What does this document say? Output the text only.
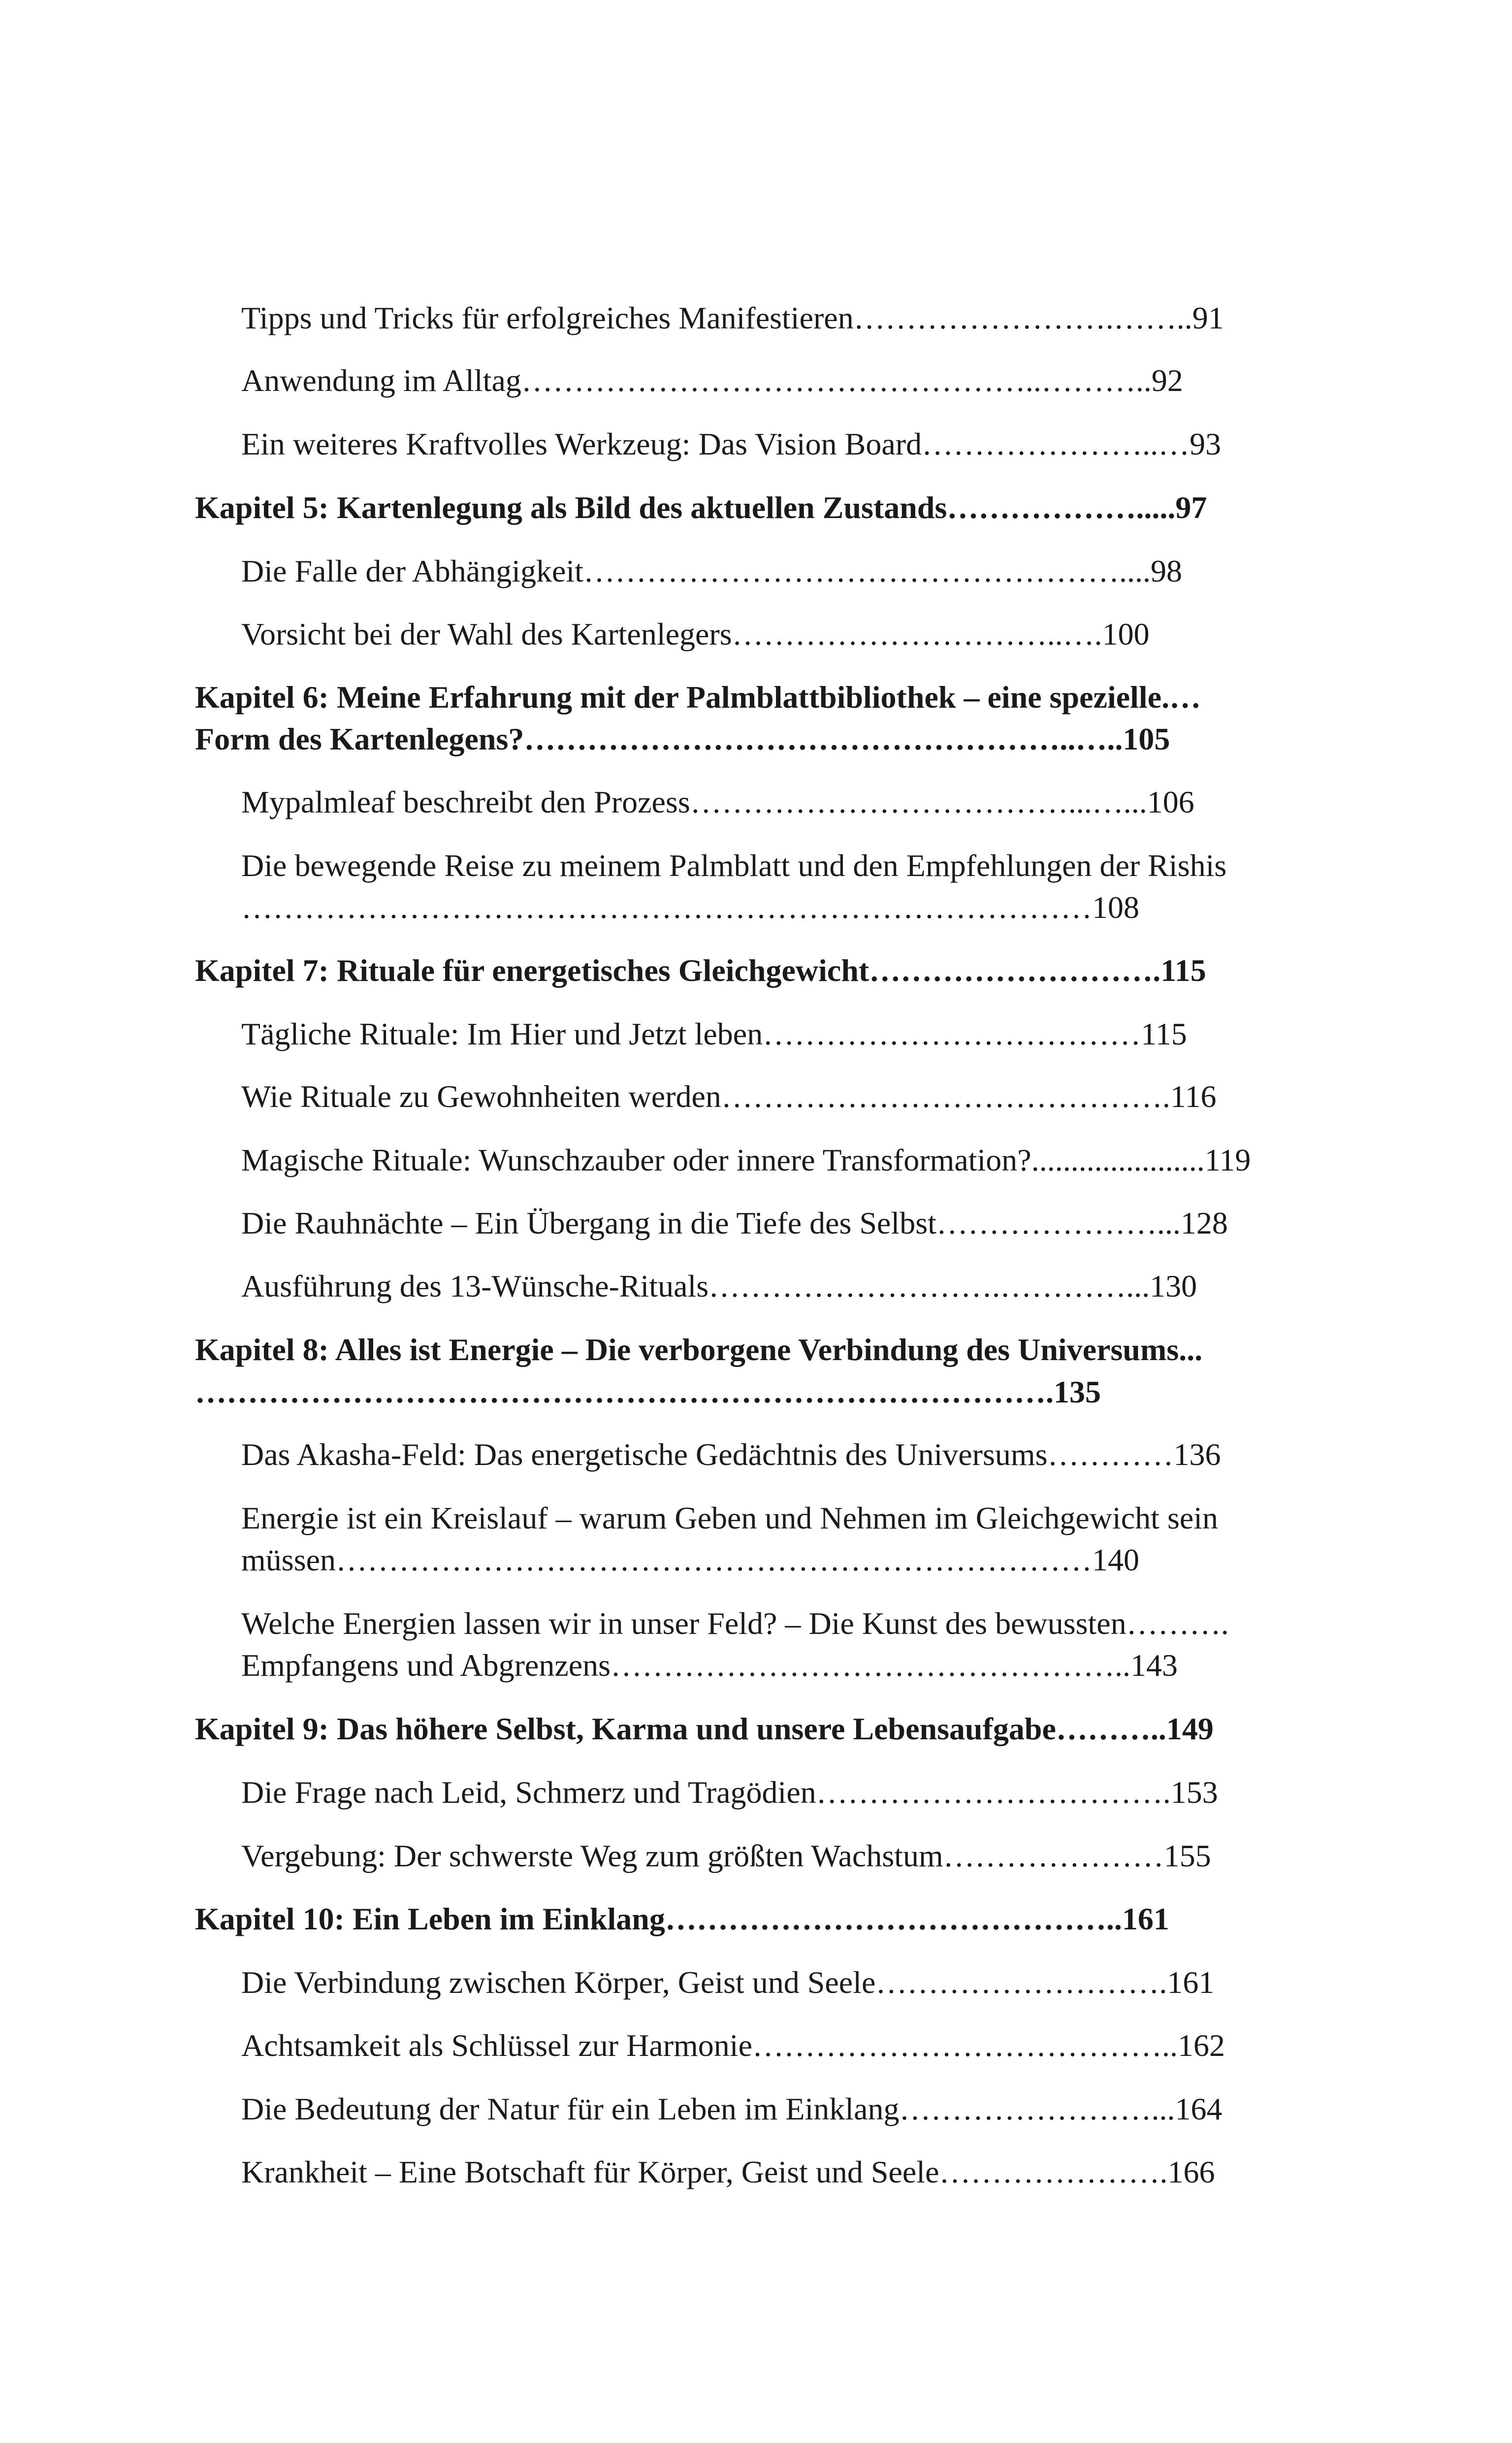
Tipps und Tricks für erfolgreiches Manifestieren…………………….……..91
Anwendung im Alltag…………………………………………..………..92
Ein weiteres Kraftvolles Werkzeug: Das Vision Board…………………..…93
Kapitel 5: Kartenlegung als Bild des aktuellen Zustands……………….....97
Die Falle der Abhängigkeit……………………………………………....98
Vorsicht bei der Wahl des Kartenlegers…………………………..….100
Kapitel 6: Meine Erfahrung mit der Palmblattbibliothek – eine spezielle.…
Form des Kartenlegens?……………………………………………..…..105
Mypalmleaf beschreibt den Prozess………………………………...…...106
Die bewegende Reise zu meinem Palmblatt und den Empfehlungen der Rishis
………………………………………………………………………108
Kapitel 7: Rituale für energetisches Gleichgewicht……………………….115
Tägliche Rituale: Im Hier und Jetzt leben………………………………115
Wie Rituale zu Gewohnheiten werden…………………………………….116
Magische Rituale: Wunschzauber oder innere Transformation?......................119
Die Rauhnächte – Ein Übergang in die Tiefe des Selbst…………………...128
Ausführung des 13-Wünsche-Rituals……………………….…………...130
Kapitel 8: Alles ist Energie – Die verborgene Verbindung des Universums...
……………………………………………………………………….135
Das Akasha-Feld: Das energetische Gedächtnis des Universums…………136
Energie ist ein Kreislauf – warum Geben und Nehmen im Gleichgewicht sein
müssen………………………………………………………………140
Welche Energien lassen wir in unser Feld? – Die Kunst des bewussten……….
Empfangens und Abgrenzens…………………………………………..143
Kapitel 9: Das höhere Selbst, Karma und unsere Lebensaufgabe………..149
Die Frage nach Leid, Schmerz und Tragödien…………………………….153
Vergebung: Der schwerste Weg zum größten Wachstum…………………155
Kapitel 10: Ein Leben im Einklang……………………………………..161
Die Verbindung zwischen Körper, Geist und Seele……………………….161
Achtsamkeit als Schlüssel zur Harmonie…………………………………..162
Die Bedeutung der Natur für ein Leben im Einklang……………………...164
Krankheit – Eine Botschaft für Körper, Geist und Seele………………….166
